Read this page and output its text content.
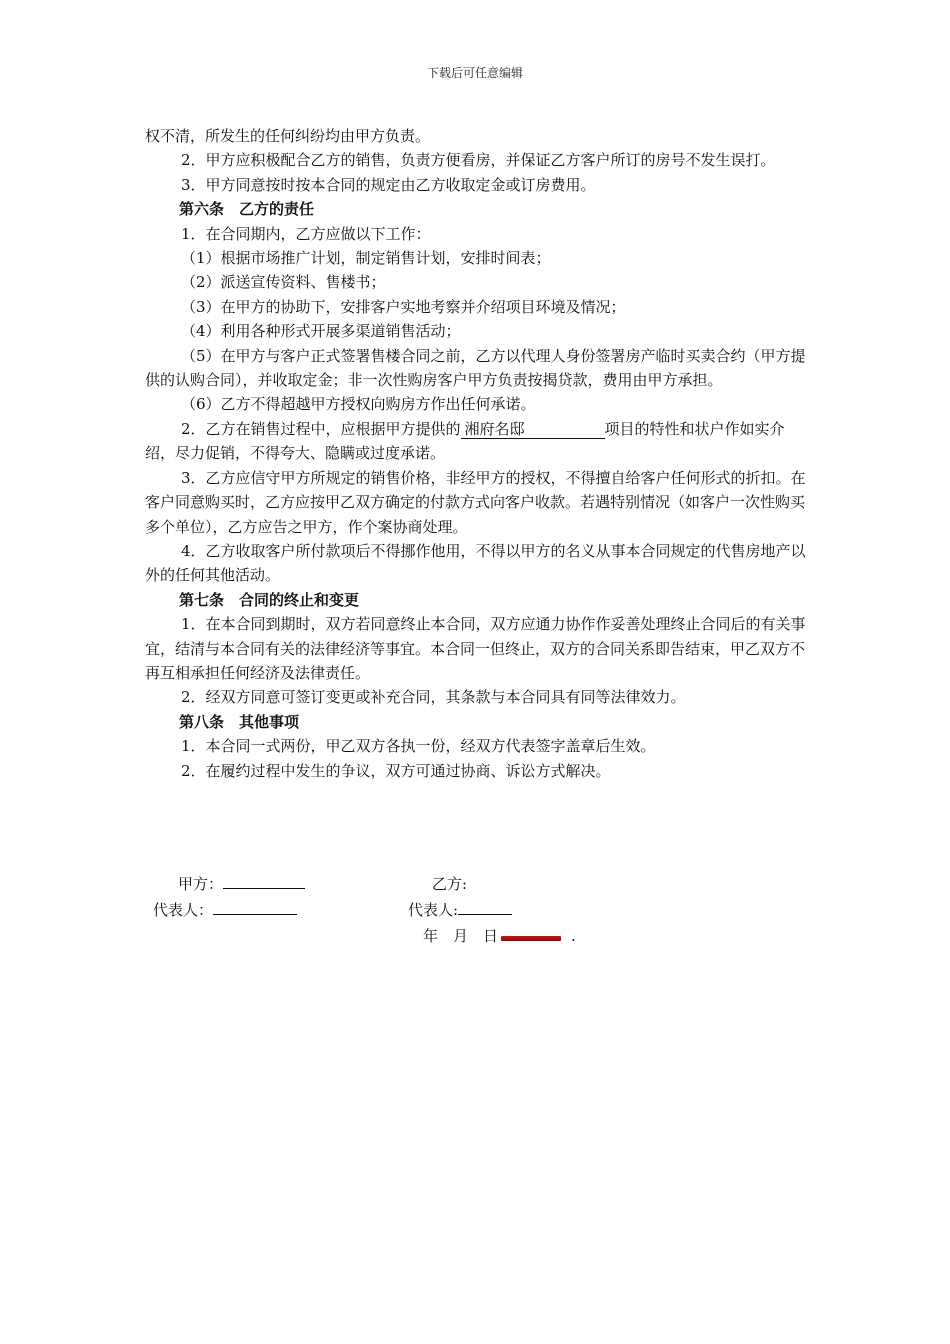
下载后可任意编辑

权不清，所发生的任何纠纷均由甲方负责。

2．甲方应积极配合乙方的销售，负责方便看房，并保证乙方客户所订的房号不发生误打。

3．甲方同意按时按本合同的规定由乙方收取定金或订房费用。

第六条　乙方的责任

1．在合同期内，乙方应做以下工作：

（1）根据市场推广计划，制定销售计划，安排时间表；

（2）派送宣传资料、售楼书；

（3）在甲方的协助下，安排客户实地考察并介绍项目环境及情况；

（4）利用各种形式开展多渠道销售活动；

（5）在甲方与客户正式签署售楼合同之前，乙方以代理人身份签署房产临时买卖合约（甲方提供的认购合同），并收取定金；非一次性购房客户甲方负责按揭贷款，费用由甲方承担。

（6）乙方不得超越甲方授权向购房方作出任何承诺。

2．乙方在销售过程中，应根据甲方提供的 湘府名邸	项目的特性和状户作如实介绍，尽力促销，不得夸大、隐瞒或过度承诺。

3．乙方应信守甲方所规定的销售价格，非经甲方的授权，不得擅自给客户任何形式的折扣。在客户同意购买时，乙方应按甲乙双方确定的付款方式向客户收款。若遇特别情况（如客户一次性购买多个单位），乙方应告之甲方，作个案协商处理。

4．乙方收取客户所付款项后不得挪作他用，不得以甲方的名义从事本合同规定的代售房地产以外的任何其他活动。

第七条　合同的终止和变更

1．在本合同到期时，双方若同意终止本合同，双方应通力协作作妥善处理终止合同后的有关事宜，结清与本合同有关的法律经济等事宜。本合同一但终止，双方的合同关系即告结束，甲乙双方不再互相承担任何经济及法律责任。

2．经双方同意可签订变更或补充合同，其条款与本合同具有同等法律效力。

第八条　其他事项

1．本合同一式两份，甲乙双方各执一份，经双方代表签字盖章后生效。

2．在履约过程中发生的争议，双方可通过协商、诉讼方式解决。

甲方：	乙方:
代表人：	代表人:
年　月　日	.
